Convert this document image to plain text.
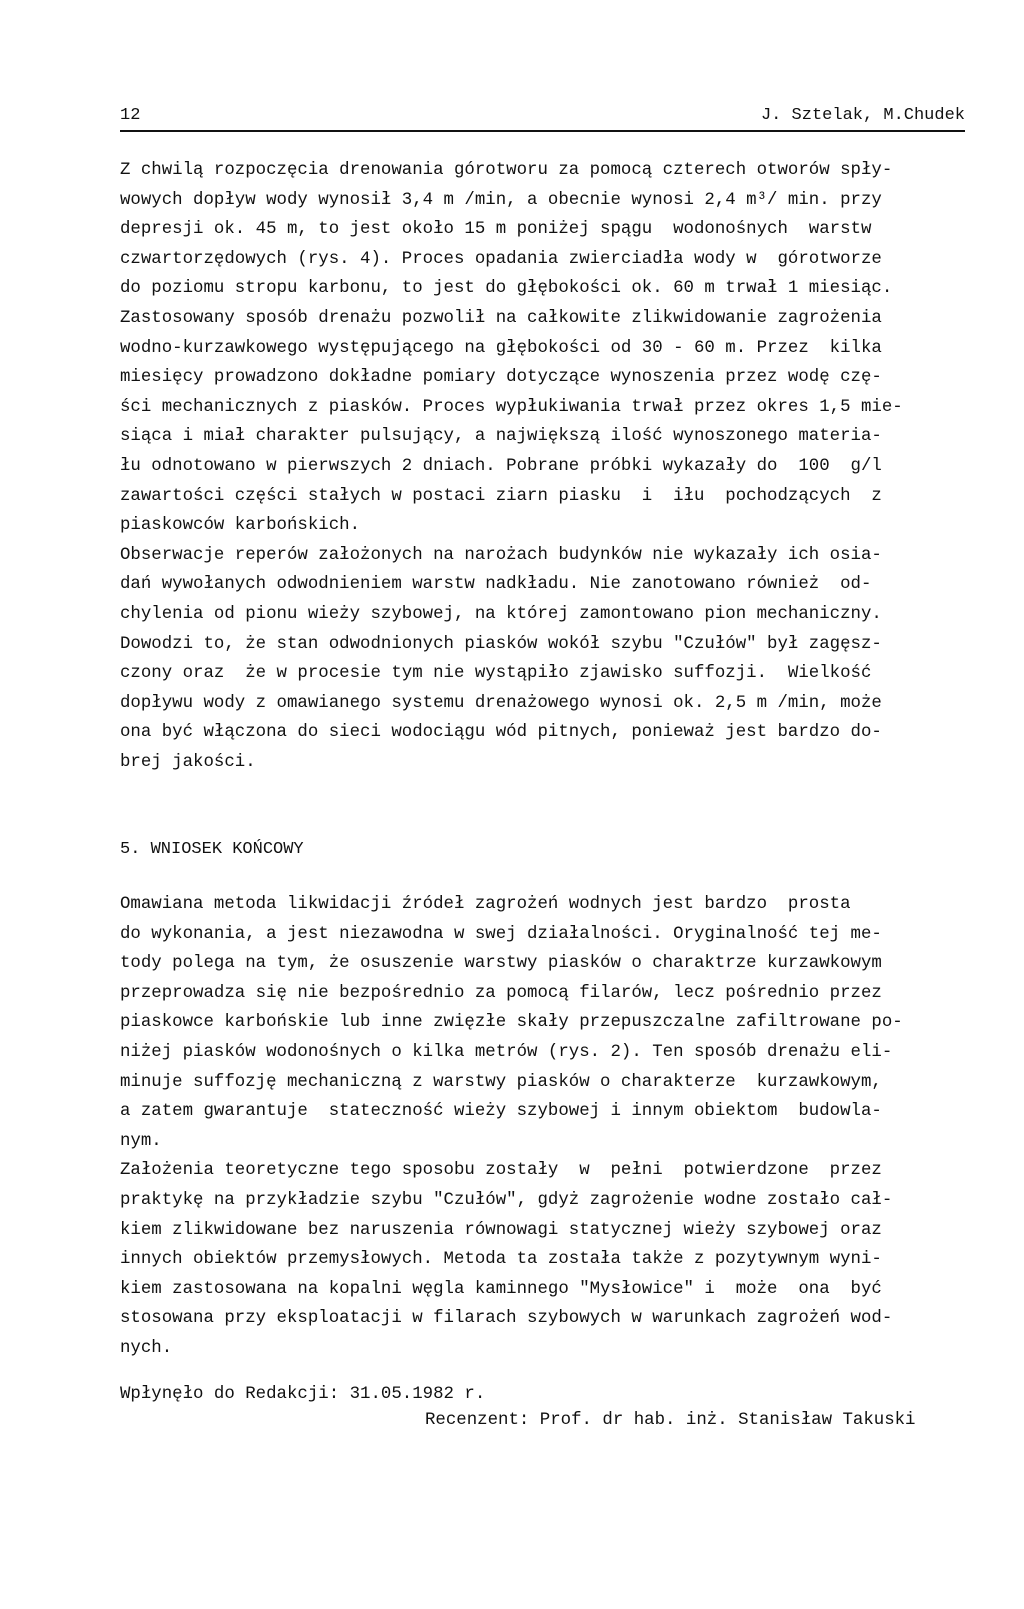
12	J. Sztelak, M.Chudek
Z chwilą rozpoczęcia drenowania górotworu za pomocą czterech otworów spły-
wowych dopływ wody wynosił 3,4 m /min, a obecnie wynosi 2,4 m³/ min. przy
depresji ok. 45 m, to jest około 15 m poniżej spągu  wodonośnych  warstw
czwartorzędowych (rys. 4). Proces opadania zwierciadła wody w  górotworze
do poziomu stropu karbonu, to jest do głębokości ok. 60 m trwał 1 miesiąc.
Zastosowany sposób drenażu pozwolił na całkowite zlikwidowanie zagrożenia
wodno-kurzawkowego występującego na głębokości od 30 - 60 m. Przez  kilka
miesięcy prowadzono dokładne pomiary dotyczące wynoszenia przez wodę czę-
ści mechanicznych z piasków. Proces wypłukiwania trwał przez okres 1,5 mie-
siąca i miał charakter pulsujący, a największą ilość wynoszonego materia-
łu odnotowano w pierwszych 2 dniach. Pobrane próbki wykazały do  100  g/l
zawartości części stałych w postaci ziarn piasku  i  iłu  pochodzących  z
piaskowców karbońskich.
Obserwacje reperów założonych na narożach budynków nie wykazały ich osia-
dań wywołanych odwodnieniem warstw nadkładu. Nie zanotowano również  od-
chylenia od pionu wieży szybowej, na której zamontowano pion mechaniczny.
Dowodzi to, że stan odwodnionych piasków wokół szybu "Czułów" był zagęsz-
czony oraz  że w procesie tym nie wystąpiło zjawisko suffozji.  Wielkość
dopływu wody z omawianego systemu drenażowego wynosi ok. 2,5 m /min, może
ona być włączona do sieci wodociągu wód pitnych, ponieważ jest bardzo do-
brej jakości.
5. WNIOSEK KOŃCOWY
Omawiana metoda likwidacji źródeł zagrożeń wodnych jest bardzo  prosta
do wykonania, a jest niezawodna w swej działalności. Oryginalność tej me-
tody polega na tym, że osuszenie warstwy piasków o charaktrze kurzawkowym
przeprowadza się nie bezpośrednio za pomocą filarów, lecz pośrednio przez
piaskowce karbońskie lub inne zwięzłe skały przepuszczalne zafiltrowane po-
niżej piasków wodonośnych o kilka metrów (rys. 2). Ten sposób drenażu eli-
minuje suffozję mechaniczną z warstwy piasków o charakterze  kurzawkowym,
a zatem gwarantuje  stateczność wieży szybowej i innym obiektom  budowla-
nym.
Założenia teoretyczne tego sposobu zostały  w  pełni  potwierdzone  przez
praktykę na przykładzie szybu "Czułów", gdyż zagrożenie wodne zostało cał-
kiem zlikwidowane bez naruszenia równowagi statycznej wieży szybowej oraz
innych obiektów przemysłowych. Metoda ta została także z pozytywnym wyni-
kiem zastosowana na kopalni węgla kaminnego "Mysłowice" i  może  ona  być
stosowana przy eksploatacji w filarach szybowych w warunkach zagrożeń wod-
nych.
Wpłynęło do Redakcji: 31.05.1982 r.
Recenzent: Prof. dr hab. inż. Stanisław Takuski
